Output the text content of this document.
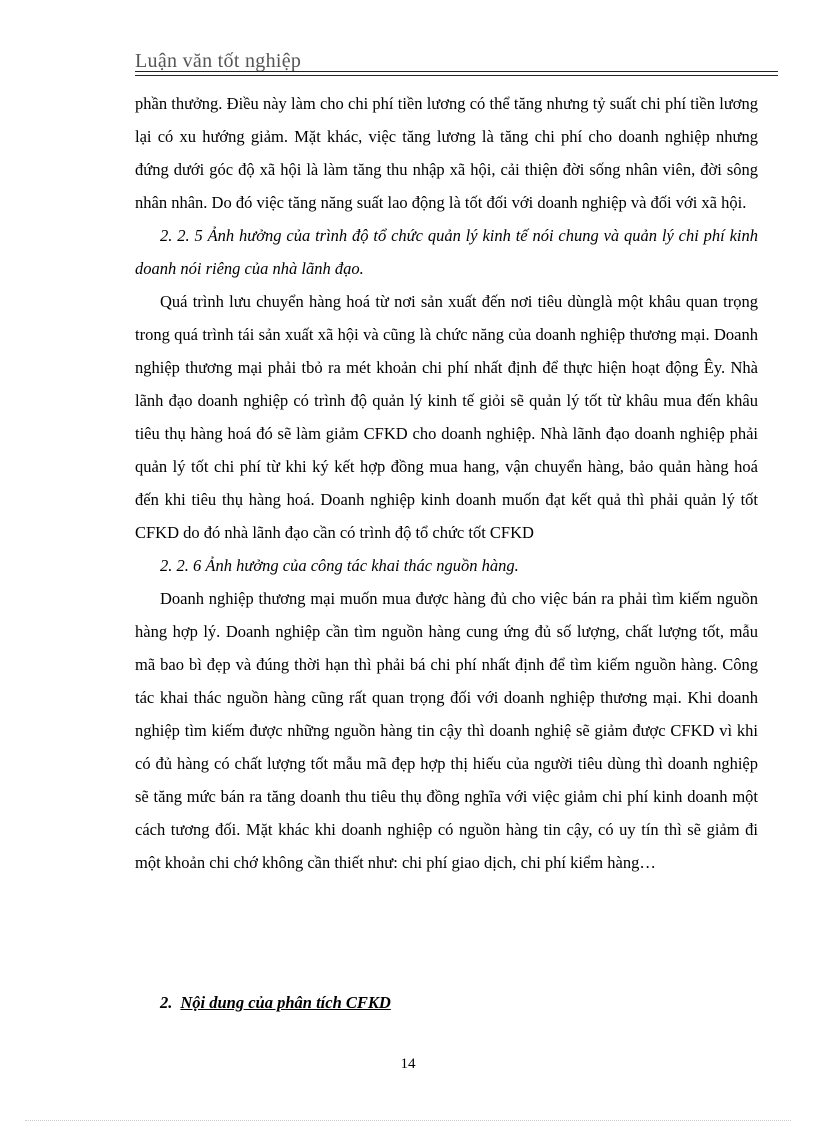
Luận văn tốt nghiệp

phần thưởng. Điều này làm cho chi phí tiền lương có thể tăng nhưng tỷ suất chi phí tiền lương lại có xu hướng giảm. Mặt khác, việc tăng lương là tăng chi phí cho doanh nghiệp nhưng đứng dưới góc độ xã hội là làm tăng thu nhập xã hội, cải thiện đời sống nhân viên, đời sông nhân nhân. Do đó việc tăng năng suất lao động là tốt đối với doanh nghiệp và đối với xã hội.

2. 2. 5 Ảnh hưởng của trình độ tổ chức quản lý kinh tế nói chung và quản lý chi phí kinh doanh nói riêng của nhà lãnh đạo.

Quá trình lưu chuyển hàng hoá từ nơi sản xuất đến nơi tiêu dùnglà một khâu quan trọng trong quá trình tái sản xuất xã hội và cũng là chức năng của doanh nghiệp thương mại. Doanh nghiệp thương mại phải tbỏ ra mét khoản chi phí nhất định để thực hiện hoạt động Êy. Nhà lãnh đạo doanh nghiệp có trình độ quản lý kinh tế giỏi sẽ quản lý tốt từ khâu mua đến khâu tiêu thụ hàng hoá đó sẽ làm giảm CFKD cho doanh nghiệp. Nhà lãnh đạo doanh nghiệp phải quản lý tốt chi phí từ khi ký kết hợp đồng mua hang, vận chuyển hàng, bảo quản hàng hoá đến khi tiêu thụ hàng hoá. Doanh nghiệp kinh doanh muốn đạt kết quả thì phải quản lý tốt CFKD do đó nhà lãnh đạo cần có trình độ tổ chức tốt CFKD

2. 2. 6 Ảnh hưởng của công tác khai thác nguồn hàng.

Doanh nghiệp thương mại muốn mua được hàng đủ cho việc bán ra phải tìm kiếm nguồn hàng hợp lý. Doanh nghiệp cần tìm nguồn hàng cung ứng đủ số lượng, chất lượng tốt, mẫu mã bao bì đẹp và đúng thời hạn thì phải bá chi phí nhất định để tìm kiếm nguồn hàng. Công tác khai thác nguồn hàng cũng rất quan trọng đối với doanh nghiệp thương mại. Khi doanh nghiệp tìm kiếm được những nguồn hàng tin cậy thì doanh nghiệ sẽ giảm được CFKD vì khi có đủ hàng có chất lượng tốt mẫu mã đẹp hợp thị hiếu của người tiêu dùng thì doanh nghiệp sẽ tăng mức bán ra tăng doanh thu tiêu thụ đồng nghĩa với việc giảm chi phí kinh doanh một cách tương đối. Mặt khác khi doanh nghiệp có nguồn hàng tin cậy, có uy tín thì sẽ giảm đi một khoản chi chớ không cần thiết như: chi phí giao dịch, chi phí kiểm hàng…

2. Nội dung của phân tích CFKD
14
